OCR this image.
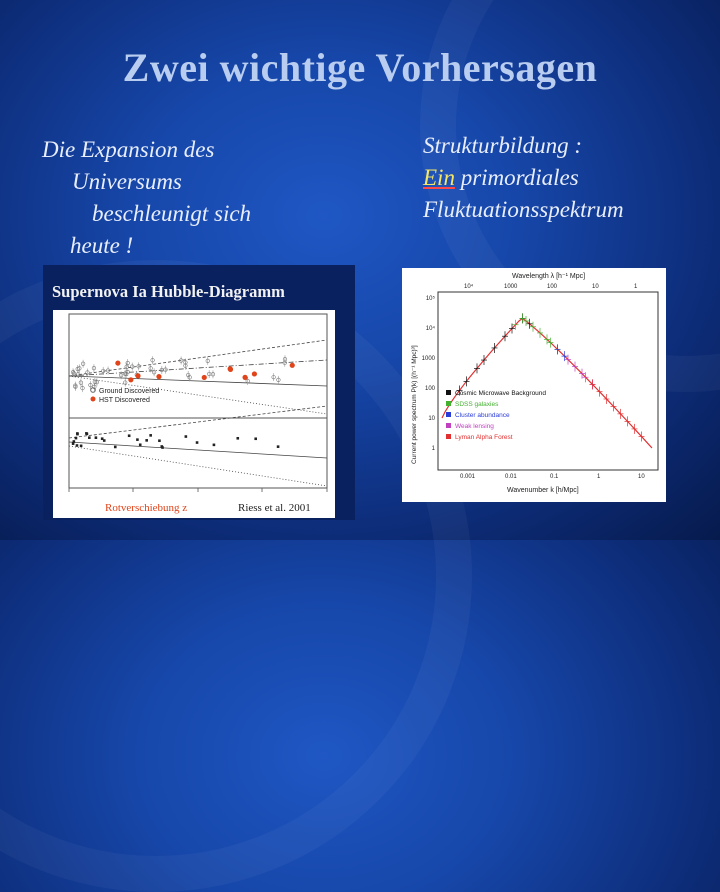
Zwei wichtige Vorhersagen
Die Expansion des
Universums
beschleunigt sich
heute !
Strukturbildung :
Ein primordiales
Fluktuationsspektrum
Supernova Ia Hubble-Diagramm
Ground Discovered
HST Discovered
Rotverschiebung z	Riess et al. 2001
Wavelength λ [h⁻¹ Mpc]
10⁴	1000	100	10	1
10⁵
10⁴
1000
100
10
1
Current power spectrum P(k) [(h⁻¹ Mpc)³]
0.001	0.01	0.1	1	10
Wavenumber k [h/Mpc]
Cosmic Microwave Background
SDSS galaxies
Cluster abundance
Weak lensing
Lyman Alpha Forest
